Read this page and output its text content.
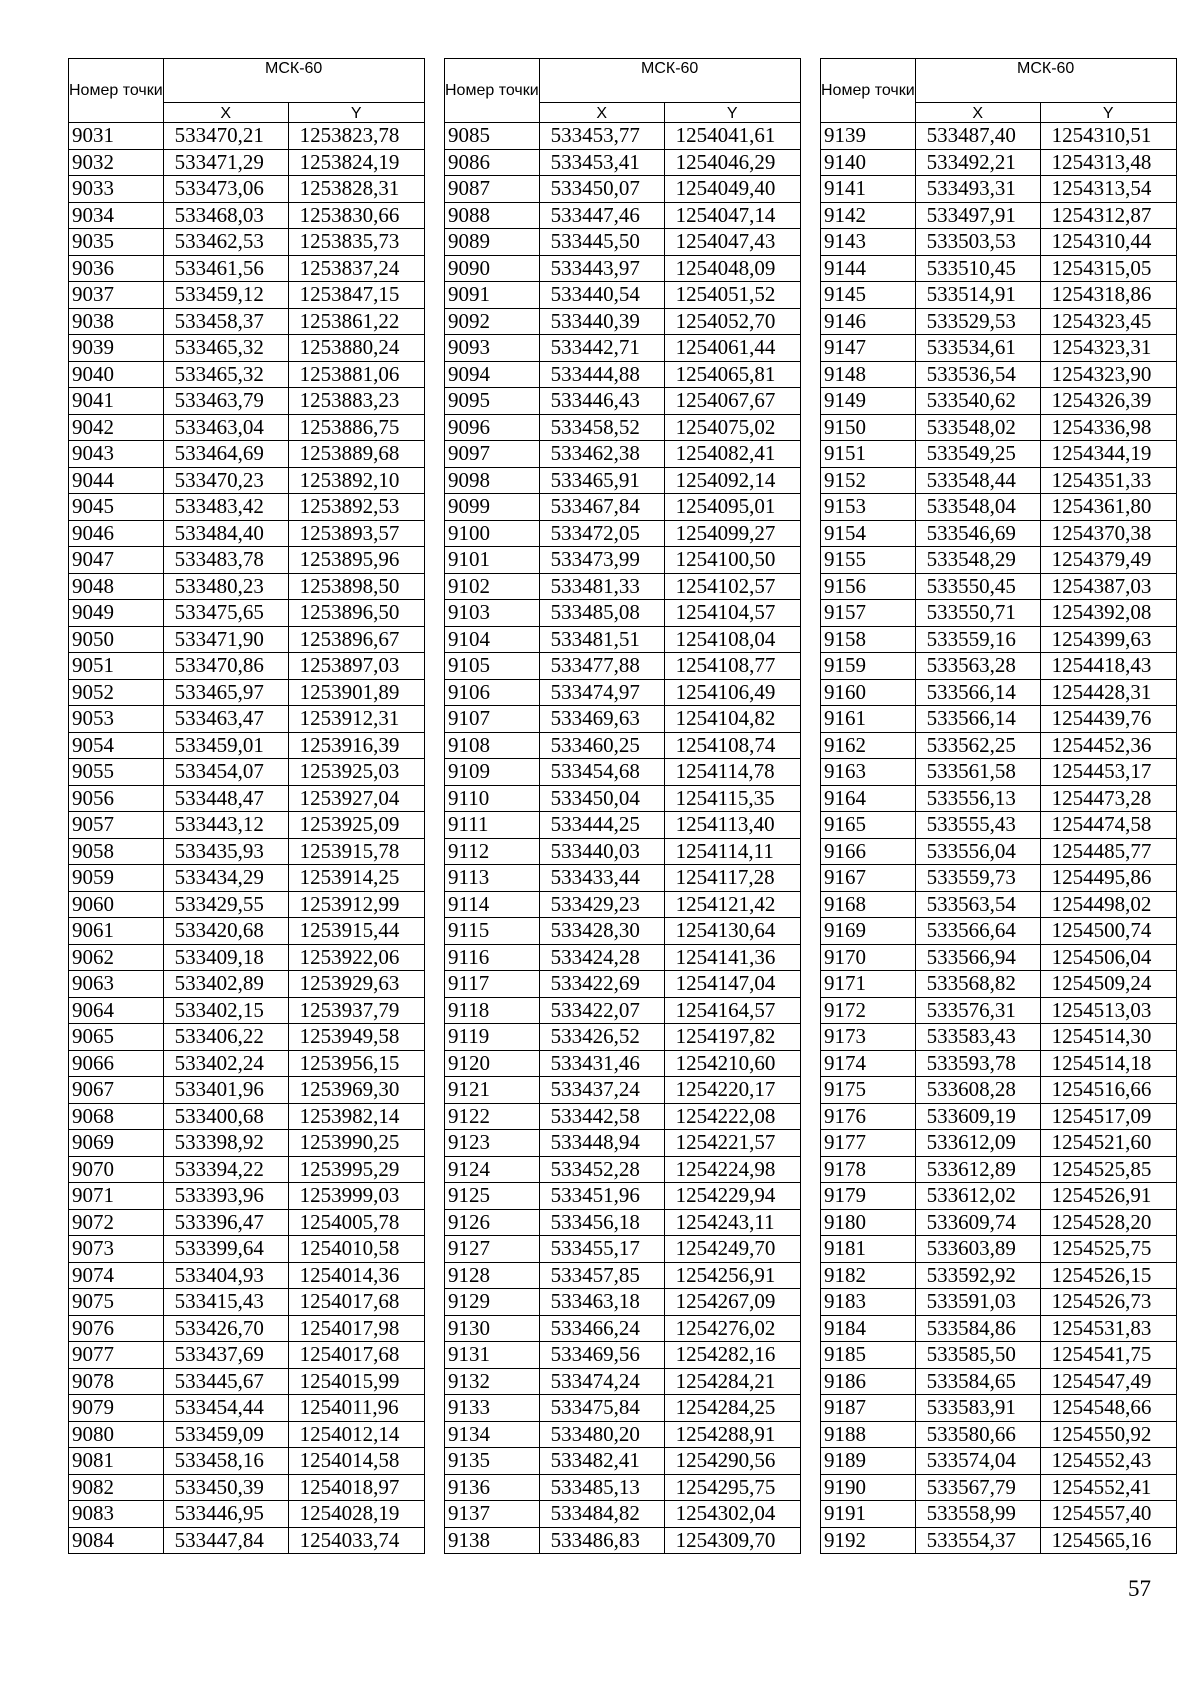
Номер точки	МСК-60	
	X	Y
9031	533470,21	1253823,78
9032	533471,29	1253824,19
9033	533473,06	1253828,31
9034	533468,03	1253830,66
9035	533462,53	1253835,73
9036	533461,56	1253837,24
9037	533459,12	1253847,15
9038	533458,37	1253861,22
9039	533465,32	1253880,24
9040	533465,32	1253881,06
9041	533463,79	1253883,23
9042	533463,04	1253886,75
9043	533464,69	1253889,68
9044	533470,23	1253892,10
9045	533483,42	1253892,53
9046	533484,40	1253893,57
9047	533483,78	1253895,96
9048	533480,23	1253898,50
9049	533475,65	1253896,50
9050	533471,90	1253896,67
9051	533470,86	1253897,03
9052	533465,97	1253901,89
9053	533463,47	1253912,31
9054	533459,01	1253916,39
9055	533454,07	1253925,03
9056	533448,47	1253927,04
9057	533443,12	1253925,09
9058	533435,93	1253915,78
9059	533434,29	1253914,25
9060	533429,55	1253912,99
9061	533420,68	1253915,44
9062	533409,18	1253922,06
9063	533402,89	1253929,63
9064	533402,15	1253937,79
9065	533406,22	1253949,58
9066	533402,24	1253956,15
9067	533401,96	1253969,30
9068	533400,68	1253982,14
9069	533398,92	1253990,25
9070	533394,22	1253995,29
9071	533393,96	1253999,03
9072	533396,47	1254005,78
9073	533399,64	1254010,58
9074	533404,93	1254014,36
9075	533415,43	1254017,68
9076	533426,70	1254017,98
9077	533437,69	1254017,68
9078	533445,67	1254015,99
9079	533454,44	1254011,96
9080	533459,09	1254012,14
9081	533458,16	1254014,58
9082	533450,39	1254018,97
9083	533446,95	1254028,19
9084	533447,84	1254033,74
Номер точки	МСК-60	
	X	Y
9085	533453,77	1254041,61
9086	533453,41	1254046,29
9087	533450,07	1254049,40
9088	533447,46	1254047,14
9089	533445,50	1254047,43
9090	533443,97	1254048,09
9091	533440,54	1254051,52
9092	533440,39	1254052,70
9093	533442,71	1254061,44
9094	533444,88	1254065,81
9095	533446,43	1254067,67
9096	533458,52	1254075,02
9097	533462,38	1254082,41
9098	533465,91	1254092,14
9099	533467,84	1254095,01
9100	533472,05	1254099,27
9101	533473,99	1254100,50
9102	533481,33	1254102,57
9103	533485,08	1254104,57
9104	533481,51	1254108,04
9105	533477,88	1254108,77
9106	533474,97	1254106,49
9107	533469,63	1254104,82
9108	533460,25	1254108,74
9109	533454,68	1254114,78
9110	533450,04	1254115,35
9111	533444,25	1254113,40
9112	533440,03	1254114,11
9113	533433,44	1254117,28
9114	533429,23	1254121,42
9115	533428,30	1254130,64
9116	533424,28	1254141,36
9117	533422,69	1254147,04
9118	533422,07	1254164,57
9119	533426,52	1254197,82
9120	533431,46	1254210,60
9121	533437,24	1254220,17
9122	533442,58	1254222,08
9123	533448,94	1254221,57
9124	533452,28	1254224,98
9125	533451,96	1254229,94
9126	533456,18	1254243,11
9127	533455,17	1254249,70
9128	533457,85	1254256,91
9129	533463,18	1254267,09
9130	533466,24	1254276,02
9131	533469,56	1254282,16
9132	533474,24	1254284,21
9133	533475,84	1254284,25
9134	533480,20	1254288,91
9135	533482,41	1254290,56
9136	533485,13	1254295,75
9137	533484,82	1254302,04
9138	533486,83	1254309,70
Номер точки	МСК-60	
	X	Y
9139	533487,40	1254310,51
9140	533492,21	1254313,48
9141	533493,31	1254313,54
9142	533497,91	1254312,87
9143	533503,53	1254310,44
9144	533510,45	1254315,05
9145	533514,91	1254318,86
9146	533529,53	1254323,45
9147	533534,61	1254323,31
9148	533536,54	1254323,90
9149	533540,62	1254326,39
9150	533548,02	1254336,98
9151	533549,25	1254344,19
9152	533548,44	1254351,33
9153	533548,04	1254361,80
9154	533546,69	1254370,38
9155	533548,29	1254379,49
9156	533550,45	1254387,03
9157	533550,71	1254392,08
9158	533559,16	1254399,63
9159	533563,28	1254418,43
9160	533566,14	1254428,31
9161	533566,14	1254439,76
9162	533562,25	1254452,36
9163	533561,58	1254453,17
9164	533556,13	1254473,28
9165	533555,43	1254474,58
9166	533556,04	1254485,77
9167	533559,73	1254495,86
9168	533563,54	1254498,02
9169	533566,64	1254500,74
9170	533566,94	1254506,04
9171	533568,82	1254509,24
9172	533576,31	1254513,03
9173	533583,43	1254514,30
9174	533593,78	1254514,18
9175	533608,28	1254516,66
9176	533609,19	1254517,09
9177	533612,09	1254521,60
9178	533612,89	1254525,85
9179	533612,02	1254526,91
9180	533609,74	1254528,20
9181	533603,89	1254525,75
9182	533592,92	1254526,15
9183	533591,03	1254526,73
9184	533584,86	1254531,83
9185	533585,50	1254541,75
9186	533584,65	1254547,49
9187	533583,91	1254548,66
9188	533580,66	1254550,92
9189	533574,04	1254552,43
9190	533567,79	1254552,41
9191	533558,99	1254557,40
9192	533554,37	1254565,16
57
